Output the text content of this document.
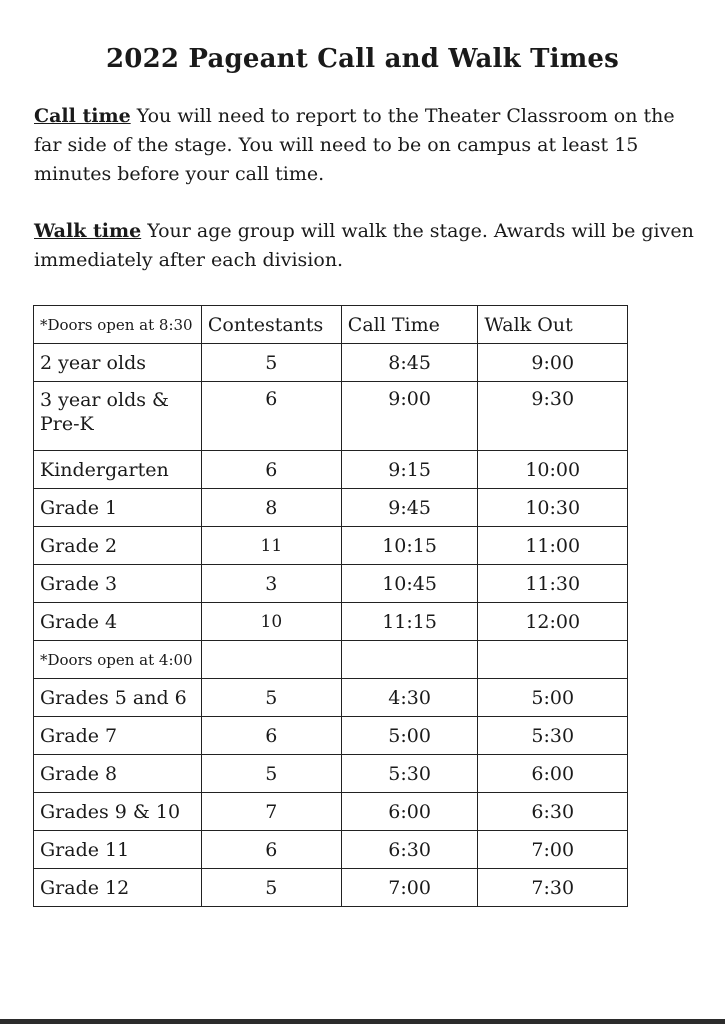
2022 Pageant Call and Walk Times
Call time You will need to report to the Theater Classroom on the far side of the stage. You will need to be on campus at least 15 minutes before your call time.
Walk time Your age group will walk the stage. Awards will be given immediately after each division.
*Doors open at 8:30	Contestants	Call Time	Walk Out
2 year olds	5	8:45	9:00
3 year olds & Pre-K	6	9:00	9:30
Kindergarten	6	9:15	10:00
Grade 1	8	9:45	10:30
Grade 2	11	10:15	11:00
Grade 3	3	10:45	11:30
Grade 4	10	11:15	12:00
*Doors open at 4:00			
Grades 5 and 6	5	4:30	5:00
Grade 7	6	5:00	5:30
Grade 8	5	5:30	6:00
Grades 9 & 10	7	6:00	6:30
Grade 11	6	6:30	7:00
Grade 12	5	7:00	7:30
